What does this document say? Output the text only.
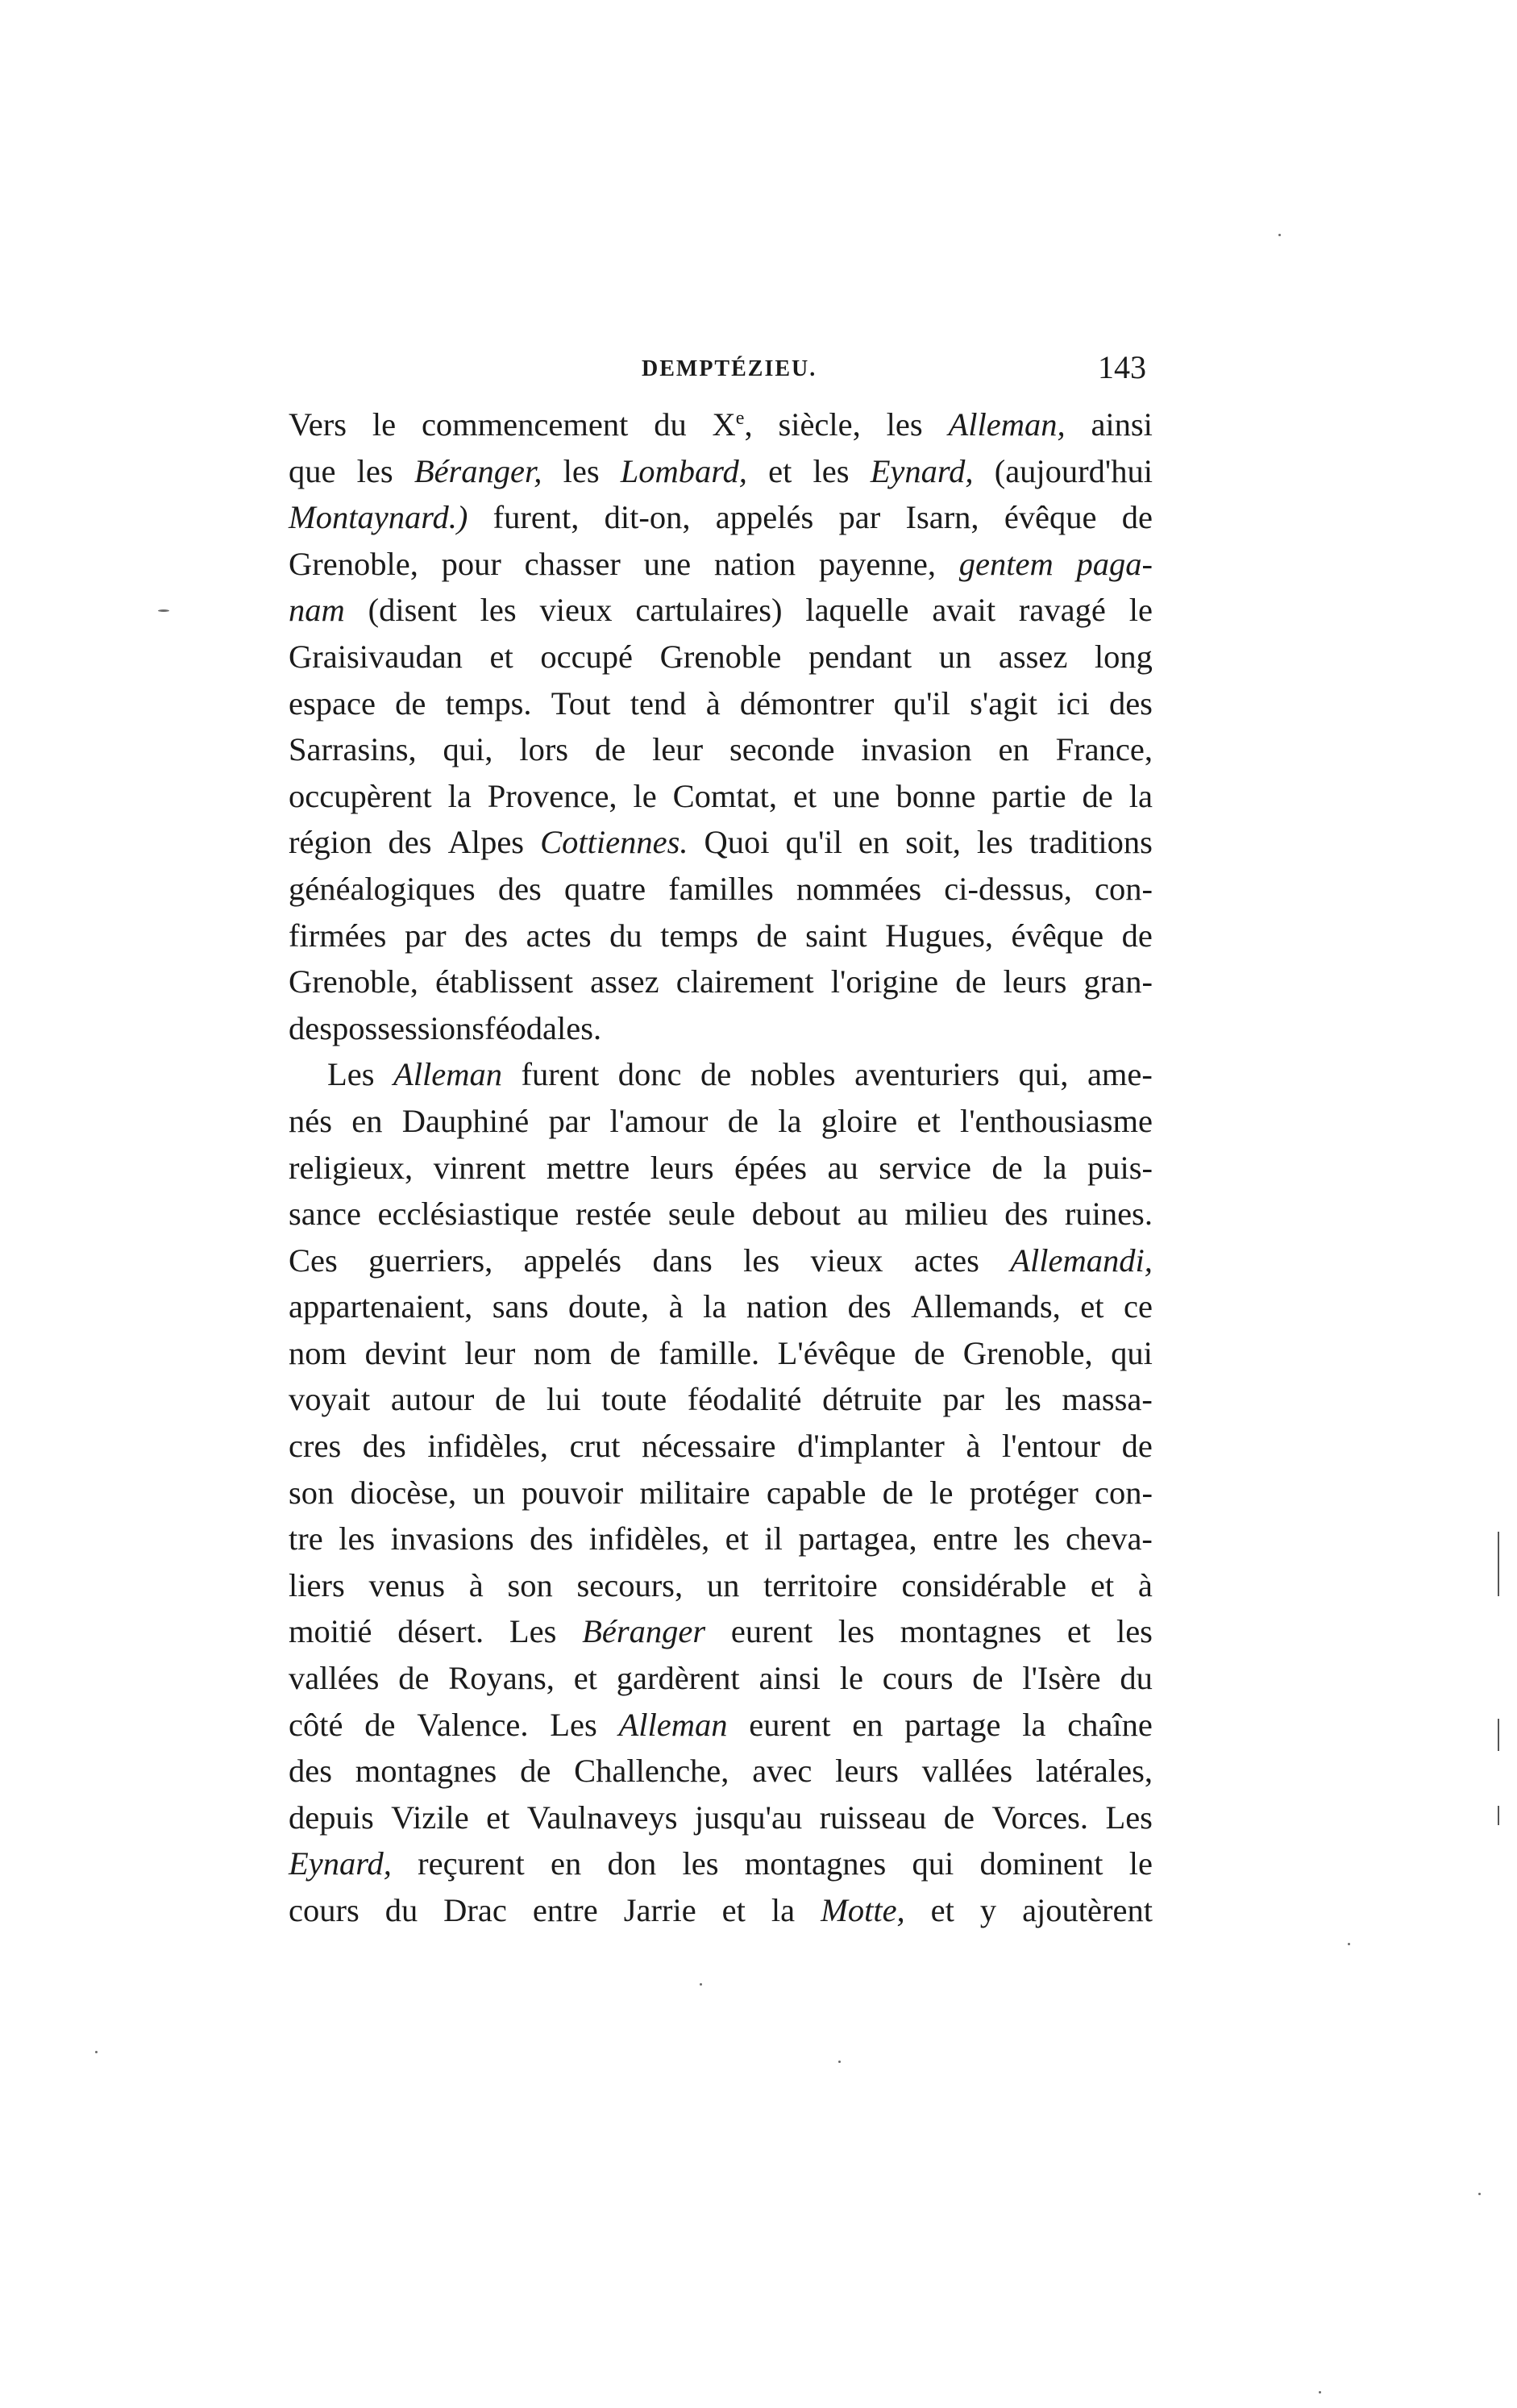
DEMPTÉZIEU.	143
Vers le commencement du Xe, siècle, les Alleman, ainsi
que les Béranger, les Lombard, et les Eynard, (aujourd'hui
Montaynard.) furent, dit-on, appelés par Isarn, évêque de
Grenoble, pour chasser une nation payenne, gentem paga-
nam (disent les vieux cartulaires) laquelle avait ravagé le
Graisivaudan et occupé Grenoble pendant un assez long
espace de temps. Tout tend à démontrer qu'il s'agit ici des
Sarrasins, qui, lors de leur seconde invasion en France,
occupèrent la Provence, le Comtat, et une bonne partie de la
région des Alpes Cottiennes. Quoi qu'il en soit, les traditions
généalogiques des quatre familles nommées ci-dessus, con-
firmées par des actes du temps de saint Hugues, évêque de
Grenoble, établissent assez clairement l'origine de leurs gran-
des possessions féodales.
Les Alleman furent donc de nobles aventuriers qui, ame-
nés en Dauphiné par l'amour de la gloire et l'enthousiasme
religieux, vinrent mettre leurs épées au service de la puis-
sance ecclésiastique restée seule debout au milieu des ruines.
Ces guerriers, appelés dans les vieux actes Allemandi,
appartenaient, sans doute, à la nation des Allemands, et ce
nom devint leur nom de famille. L'évêque de Grenoble, qui
voyait autour de lui toute féodalité détruite par les massa-
cres des infidèles, crut nécessaire d'implanter à l'entour de
son diocèse, un pouvoir militaire capable de le protéger con-
tre les invasions des infidèles, et il partagea, entre les cheva-
liers venus à son secours, un territoire considérable et à
moitié désert. Les Béranger eurent les montagnes et les
vallées de Royans, et gardèrent ainsi le cours de l'Isère du
côté de Valence. Les Alleman eurent en partage la chaîne
des montagnes de Challenche, avec leurs vallées latérales,
depuis Vizile et Vaulnaveys jusqu'au ruisseau de Vorces. Les
Eynard, reçurent en don les montagnes qui dominent le
cours du Drac entre Jarrie et la Motte, et y ajoutèrent
